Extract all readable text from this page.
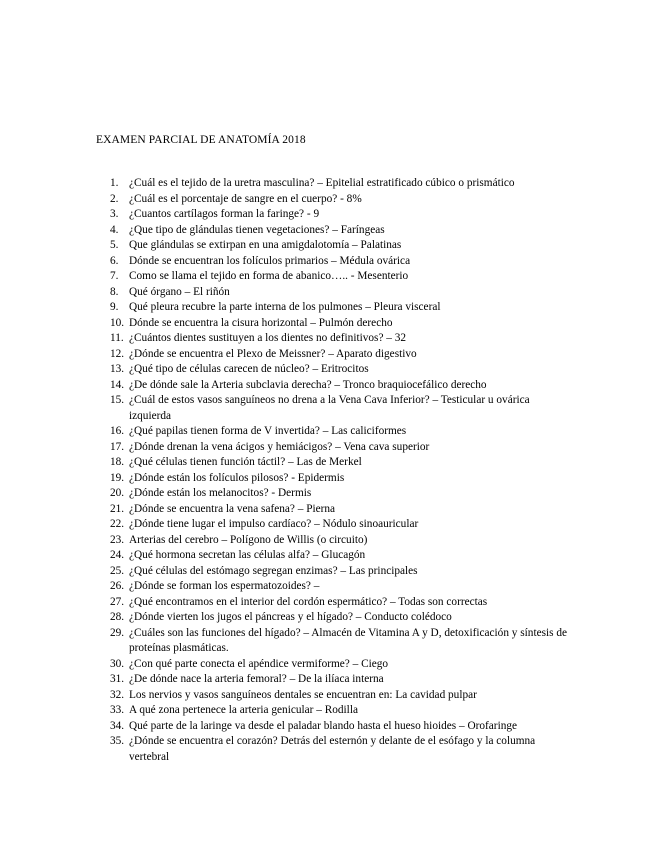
EXAMEN PARCIAL DE ANATOMÍA 2018
1. ¿Cuál es el tejido de la uretra masculina? – Epitelial estratificado cúbico o prismático
2. ¿Cuál es el porcentaje de sangre en el cuerpo? - 8%
3. ¿Cuantos cartílagos forman la faringe? - 9
4. ¿Que tipo de glándulas tienen vegetaciones? – Faríngeas
5. Que glándulas se extirpan en una amigdalotomía – Palatinas
6. Dónde se encuentran los folículos primarios – Médula ovárica
7. Como se llama el tejido en forma de abanico….. - Mesenterio
8. Qué órgano – El riñón
9. Qué pleura recubre la parte interna de los pulmones – Pleura visceral
10. Dónde se encuentra la cisura horizontal – Pulmón derecho
11. ¿Cuántos dientes sustituyen a los dientes no definitivos? – 32
12. ¿Dónde se encuentra el Plexo de Meissner? – Aparato digestivo
13. ¿Qué tipo de células carecen de núcleo? – Eritrocitos
14. ¿De dónde sale la Arteria subclavia derecha? – Tronco braquiocefálico derecho
15. ¿Cuál de estos vasos sanguíneos no drena a la Vena Cava Inferior? – Testicular u ovárica izquierda
16. ¿Qué papilas tienen forma de V invertida? – Las caliciformes
17. ¿Dónde drenan la vena ácigos y hemiácigos? – Vena cava superior
18. ¿Qué células tienen función táctil? – Las de Merkel
19. ¿Dónde están los folículos pilosos? - Epidermis
20. ¿Dónde están los melanocitos? - Dermis
21. ¿Dónde se encuentra la vena safena? – Pierna
22. ¿Dónde tiene lugar el impulso cardíaco? – Nódulo sinoauricular
23. Arterias del cerebro – Polígono de Willis (o circuito)
24. ¿Qué hormona secretan las células alfa? – Glucagón
25. ¿Qué células del estómago segregan enzimas? – Las principales
26. ¿Dónde se forman los espermatozoides? –
27. ¿Qué encontramos en el interior del cordón espermático? – Todas son correctas
28. ¿Dónde vierten los jugos el páncreas y el hígado? – Conducto colédoco
29. ¿Cuáles son las funciones del hígado? – Almacén de Vitamina A y D, detoxificación y síntesis de proteínas plasmáticas.
30. ¿Con qué parte conecta el apéndice vermiforme? – Ciego
31. ¿De dónde nace la arteria femoral? – De la ilíaca interna
32. Los nervios y vasos sanguíneos dentales se encuentran en: La cavidad pulpar
33. A qué zona pertenece la arteria genicular – Rodilla
34. Qué parte de la laringe va desde el paladar blando hasta el hueso hioides – Orofaringe
35. ¿Dónde se encuentra el corazón? Detrás del esternón y delante de el esófago y la columna vertebral
